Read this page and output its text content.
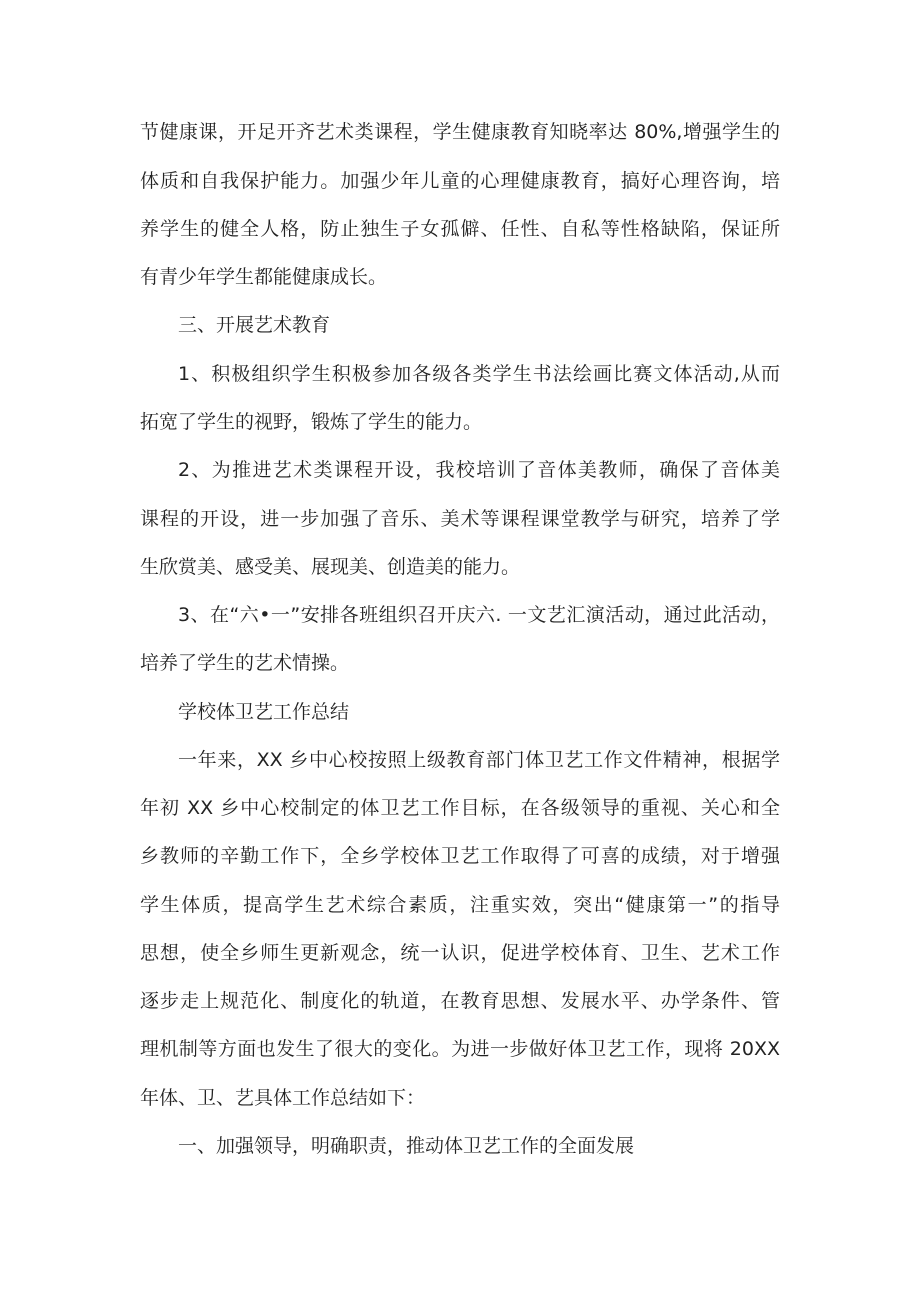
节健康课，开足开齐艺术类课程，学生健康教育知晓率达 80%,增强学生的

体质和自我保护能力。加强少年儿童的心理健康教育，搞好心理咨询，培

养学生的健全人格，防止独生子女孤僻、任性、自私等性格缺陷，保证所

有青少年学生都能健康成长。

三、开展艺术教育

1、积极组织学生积极参加各级各类学生书法绘画比赛文体活动,从而

拓宽了学生的视野，锻炼了学生的能力。

2、为推进艺术类课程开设，我校培训了音体美教师，确保了音体美

课程的开设，进一步加强了音乐、美术等课程课堂教学与研究，培养了学

生欣赏美、感受美、展现美、创造美的能力。

3、在“六•一”安排各班组织召开庆六. 一文艺汇演活动，通过此活动，

培养了学生的艺术情操。

学校体卫艺工作总结

一年来，XX 乡中心校按照上级教育部门体卫艺工作文件精神，根据学

年初 XX 乡中心校制定的体卫艺工作目标，在各级领导的重视、关心和全

乡教师的辛勤工作下，全乡学校体卫艺工作取得了可喜的成绩，对于增强

学生体质，提高学生艺术综合素质，注重实效，突出“健康第一”的指导

思想，使全乡师生更新观念，统一认识，促进学校体育、卫生、艺术工作

逐步走上规范化、制度化的轨道，在教育思想、发展水平、办学条件、管

理机制等方面也发生了很大的变化。为进一步做好体卫艺工作，现将 20XX

年体、卫、艺具体工作总结如下：

一、加强领导，明确职责，推动体卫艺工作的全面发展
